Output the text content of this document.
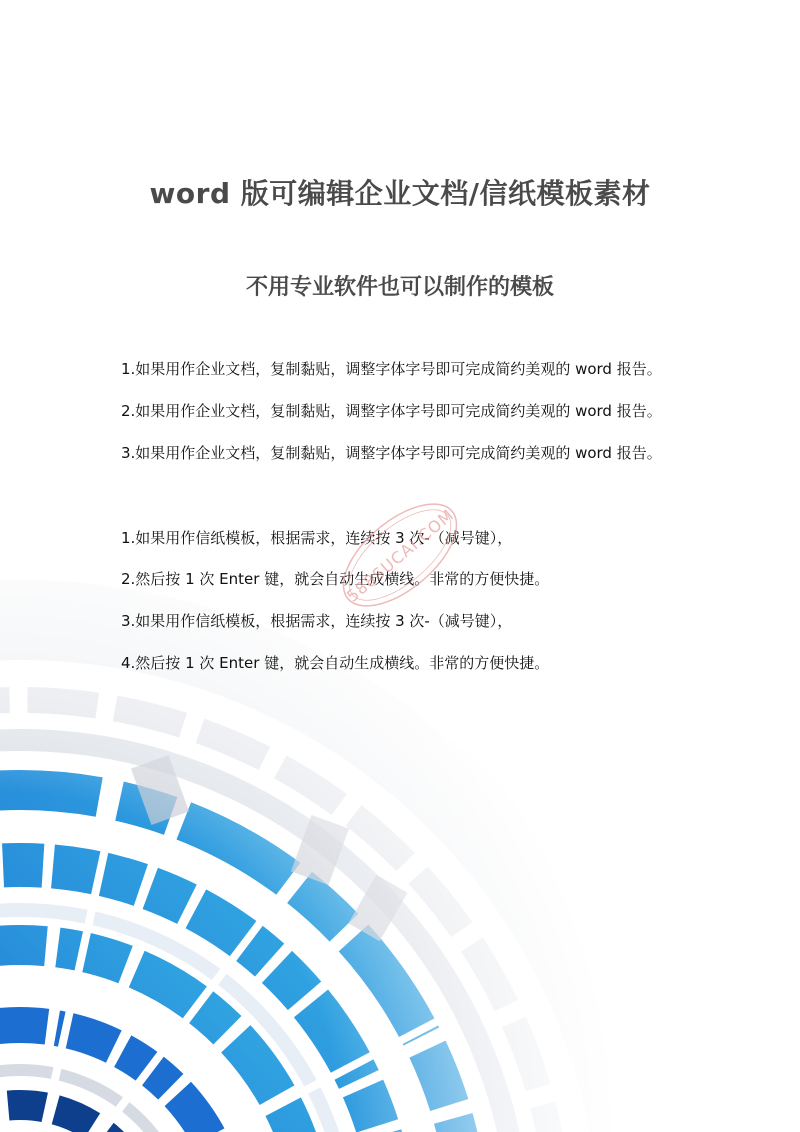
word 版可编辑企业文档/信纸模板素材
不用专业软件也可以制作的模板
1.如果用作企业文档，复制黏贴，调整字体字号即可完成简约美观的 word 报告。
2.如果用作企业文档，复制黏贴，调整字体字号即可完成简约美观的 word 报告。
3.如果用作企业文档，复制黏贴，调整字体字号即可完成简约美观的 word 报告。
1.如果用作信纸模板，根据需求，连续按 3 次-（减号键），
2.然后按 1 次 Enter 键，就会自动生成横线。非常的方便快捷。
3.如果用作信纸模板，根据需求，连续按 3 次-（减号键），
4.然后按 1 次 Enter 键，就会自动生成横线。非常的方便快捷。
588SUCAI.COM
